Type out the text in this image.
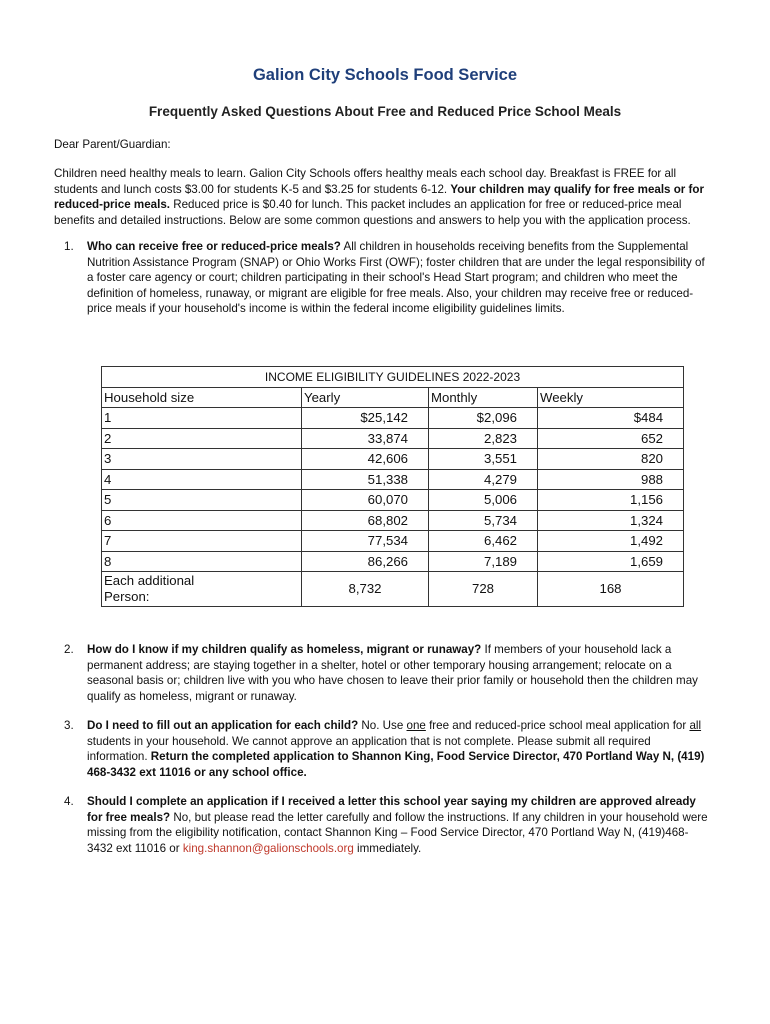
Galion City Schools Food Service
Frequently Asked Questions About Free and Reduced Price School Meals
Dear Parent/Guardian:
Children need healthy meals to learn. Galion City Schools offers healthy meals each school day. Breakfast is FREE for all students and lunch costs $3.00 for students K-5 and $3.25 for students 6-12. Your children may qualify for free meals or for reduced-price meals. Reduced price is $0.40 for lunch. This packet includes an application for free or reduced-price meal benefits and detailed instructions. Below are some common questions and answers to help you with the application process.
1. Who can receive free or reduced-price meals? All children in households receiving benefits from the Supplemental Nutrition Assistance Program (SNAP) or Ohio Works First (OWF); foster children that are under the legal responsibility of a foster care agency or court; children participating in their school's Head Start program; and children who meet the definition of homeless, runaway, or migrant are eligible for free meals. Also, your children may receive free or reduced-price meals if your household's income is within the federal income eligibility guidelines limits.
INCOME ELIGIBILITY GUIDELINES 2022-2023			
Household size	Yearly	Monthly	Weekly
1	$25,142	$2,096	$484
2	33,874	2,823	652
3	42,606	3,551	820
4	51,338	4,279	988
5	60,070	5,006	1,156
6	68,802	5,734	1,324
7	77,534	6,462	1,492
8	86,266	7,189	1,659
Each additional
Person:	8,732	728	168
2. How do I know if my children qualify as homeless, migrant or runaway? If members of your household lack a permanent address; are staying together in a shelter, hotel or other temporary housing arrangement; relocate on a seasonal basis or; children live with you who have chosen to leave their prior family or household then the children may qualify as homeless, migrant or runaway.
3. Do I need to fill out an application for each child? No. Use one free and reduced-price school meal application for all students in your household. We cannot approve an application that is not complete. Please submit all required information. Return the completed application to Shannon King, Food Service Director, 470 Portland Way N, (419) 468-3432 ext 11016 or any school office.
4. Should I complete an application if I received a letter this school year saying my children are approved already for free meals? No, but please read the letter carefully and follow the instructions. If any children in your household were missing from the eligibility notification, contact Shannon King – Food Service Director, 470 Portland Way N, (419)468-3432 ext 11016 or king.shannon@galionschools.org immediately.
